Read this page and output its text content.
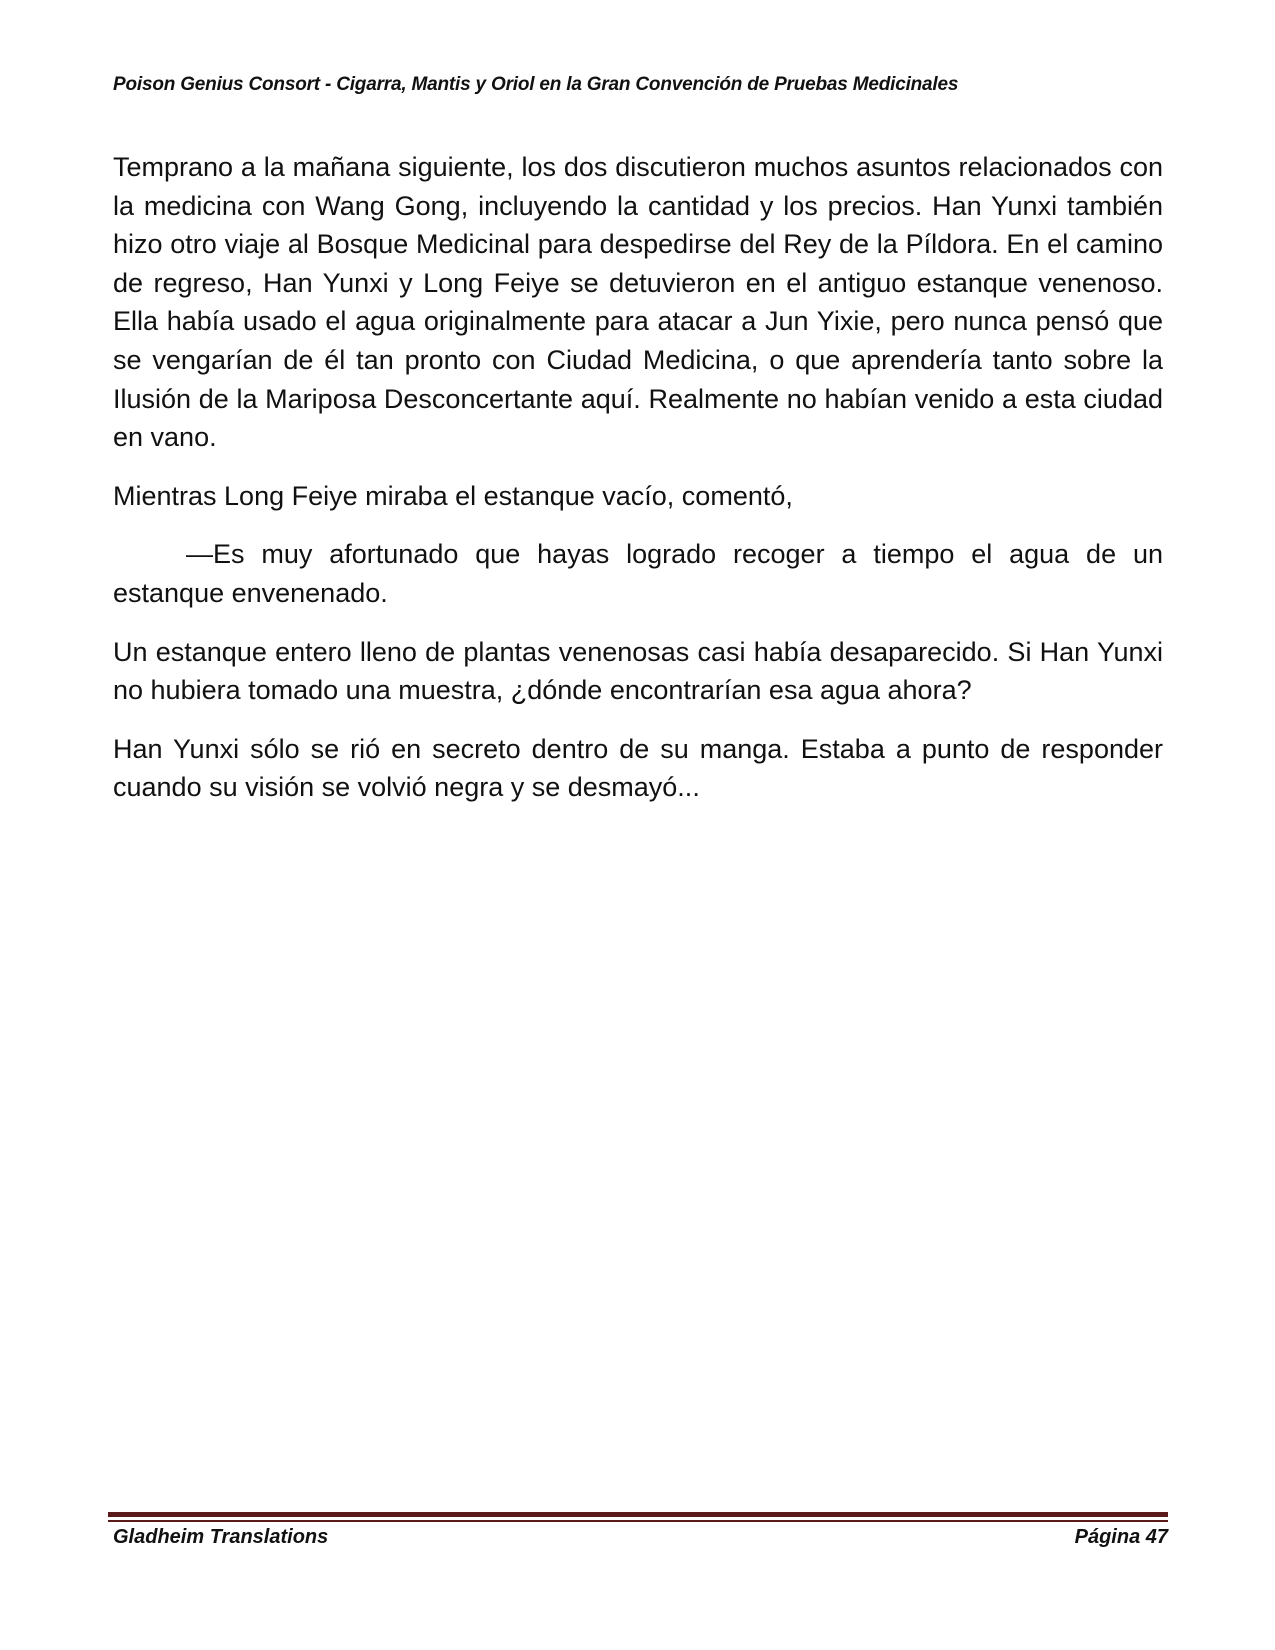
Poison Genius Consort - Cigarra, Mantis y Oriol en la Gran Convención de Pruebas Medicinales

Temprano a la mañana siguiente, los dos discutieron muchos asuntos relacionados con la medicina con Wang Gong, incluyendo la cantidad y los precios. Han Yunxi también hizo otro viaje al Bosque Medicinal para despedirse del Rey de la Píldora. En el camino de regreso, Han Yunxi y Long Feiye se detuvieron en el antiguo estanque venenoso. Ella había usado el agua originalmente para atacar a Jun Yixie, pero nunca pensó que se vengarían de él tan pronto con Ciudad Medicina, o que aprendería tanto sobre la Ilusión de la Mariposa Desconcertante aquí. Realmente no habían venido a esta ciudad en vano.

Mientras Long Feiye miraba el estanque vacío, comentó,

—Es muy afortunado que hayas logrado recoger a tiempo el agua de un estanque envenenado.

Un estanque entero lleno de plantas venenosas casi había desaparecido. Si Han Yunxi no hubiera tomado una muestra, ¿dónde encontrarían esa agua ahora?

Han Yunxi sólo se rió en secreto dentro de su manga. Estaba a punto de responder cuando su visión se volvió negra y se desmayó...

Gladheim Translations	Página 47
